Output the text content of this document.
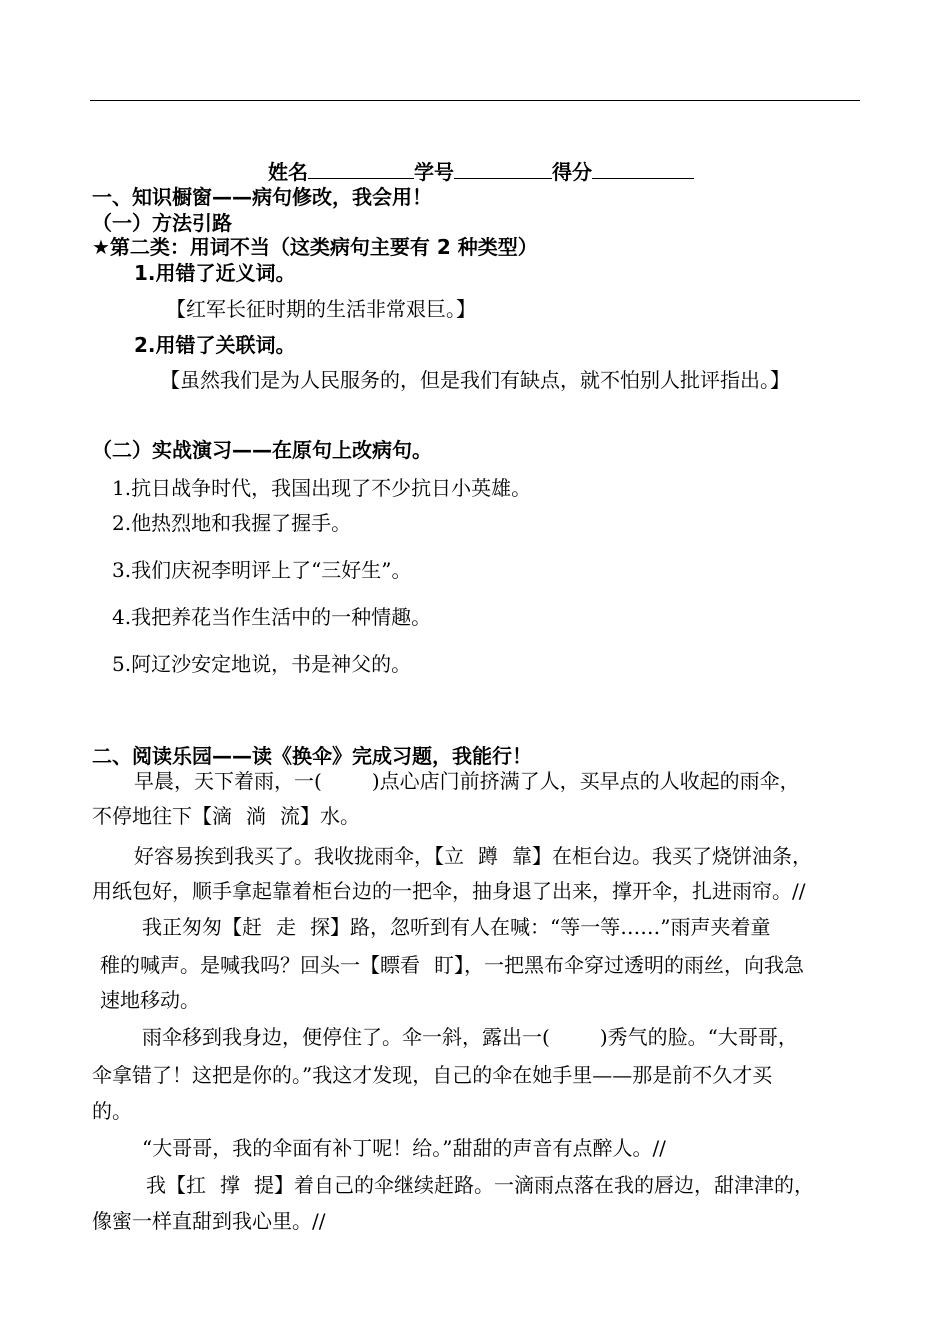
姓名	学号	得分
一、知识橱窗——病句修改，我会用！
（一）方法引路
★第二类：用词不当（这类病句主要有 2 种类型）
1.用错了近义词。
【红军长征时期的生活非常艰巨。】
2.用错了关联词。
【虽然我们是为人民服务的，但是我们有缺点，就不怕别人批评指出。】
（二）实战演习——在原句上改病句。
1.抗日战争时代，我国出现了不少抗日小英雄。
2.他热烈地和我握了握手。
3.我们庆祝李明评上了“三好生”。
4.我把养花当作生活中的一种情趣。
5.阿辽沙安定地说，书是神父的。
二、阅读乐园——读《换伞》完成习题，我能行！
早晨，天下着雨，一(	)点心店门前挤满了人，买早点的人收起的雨伞，
不停地往下【滴 淌 流】水。
好容易挨到我买了。我收拢雨伞，【立 蹲 靠】在柜台边。我买了烧饼油条，
用纸包好，顺手拿起靠着柜台边的一把伞，抽身退了出来，撑开伞，扎进雨帘。//
我正匆匆【赶 走 探】路，忽听到有人在喊：“等一等……”雨声夹着童
稚的喊声。是喊我吗？回头一【瞟看 盯】，一把黑布伞穿过透明的雨丝，向我急
速地移动。
雨伞移到我身边，便停住了。伞一斜，露出一(	)秀气的脸。“大哥哥，
伞拿错了！这把是你的。”我这才发现，自己的伞在她手里——那是前不久才买
的。
“大哥哥，我的伞面有补丁呢！给。”甜甜的声音有点醉人。//
我【扛 撑 提】着自己的伞继续赶路。一滴雨点落在我的唇边，甜津津的，
像蜜一样直甜到我心里。//
